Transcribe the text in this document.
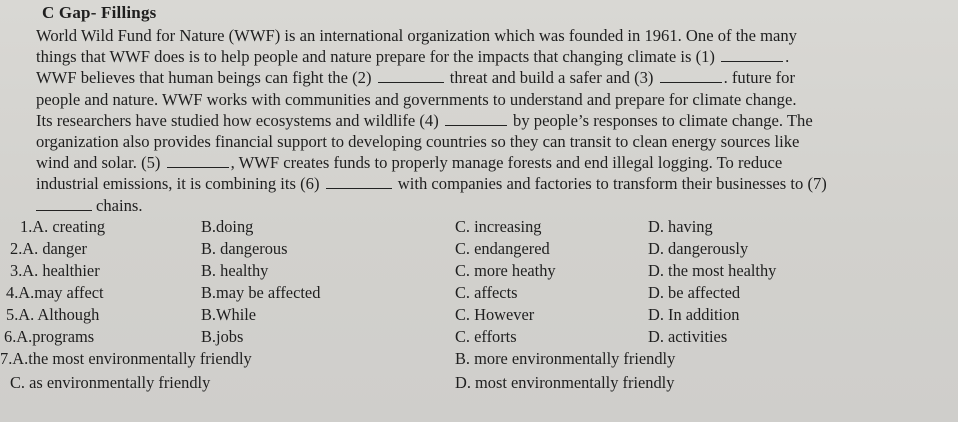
C Gap- Fillings
World Wild Fund for Nature (WWF) is an international organization which was founded in 1961. One of the many
things that WWF does is to help people and nature prepare for the impacts that changing climate is (1)	.
WWF believes that human beings can fight the (2)	threat and build a safer and (3)	. future for
people and nature. WWF works with communities and governments to understand and prepare for climate change.
Its researchers have studied how ecosystems and wildlife (4)	by people’s responses to climate change. The
organization also provides financial support to developing countries so they can transit to clean energy sources like
wind and solar. (5)	, WWF creates funds to properly manage forests and end illegal logging. To reduce
industrial emissions, it is combining its (6)	with companies and factories to transform their businesses to (7)
chains.
1.A. creating	B.doing	C. increasing	D. having
2.A. danger	B. dangerous	C. endangered	D. dangerously
3.A. healthier	B. healthy	C. more heathy	D. the most healthy
4.A.may affect	B.may be affected	C. affects	D. be affected
5.A. Although	B.While	C. However	D. In addition
6.A.programs	B.jobs	C. efforts	D. activities
7.A.the most environmentally friendly	B. more environmentally friendly
C. as environmentally friendly	D. most environmentally friendly
